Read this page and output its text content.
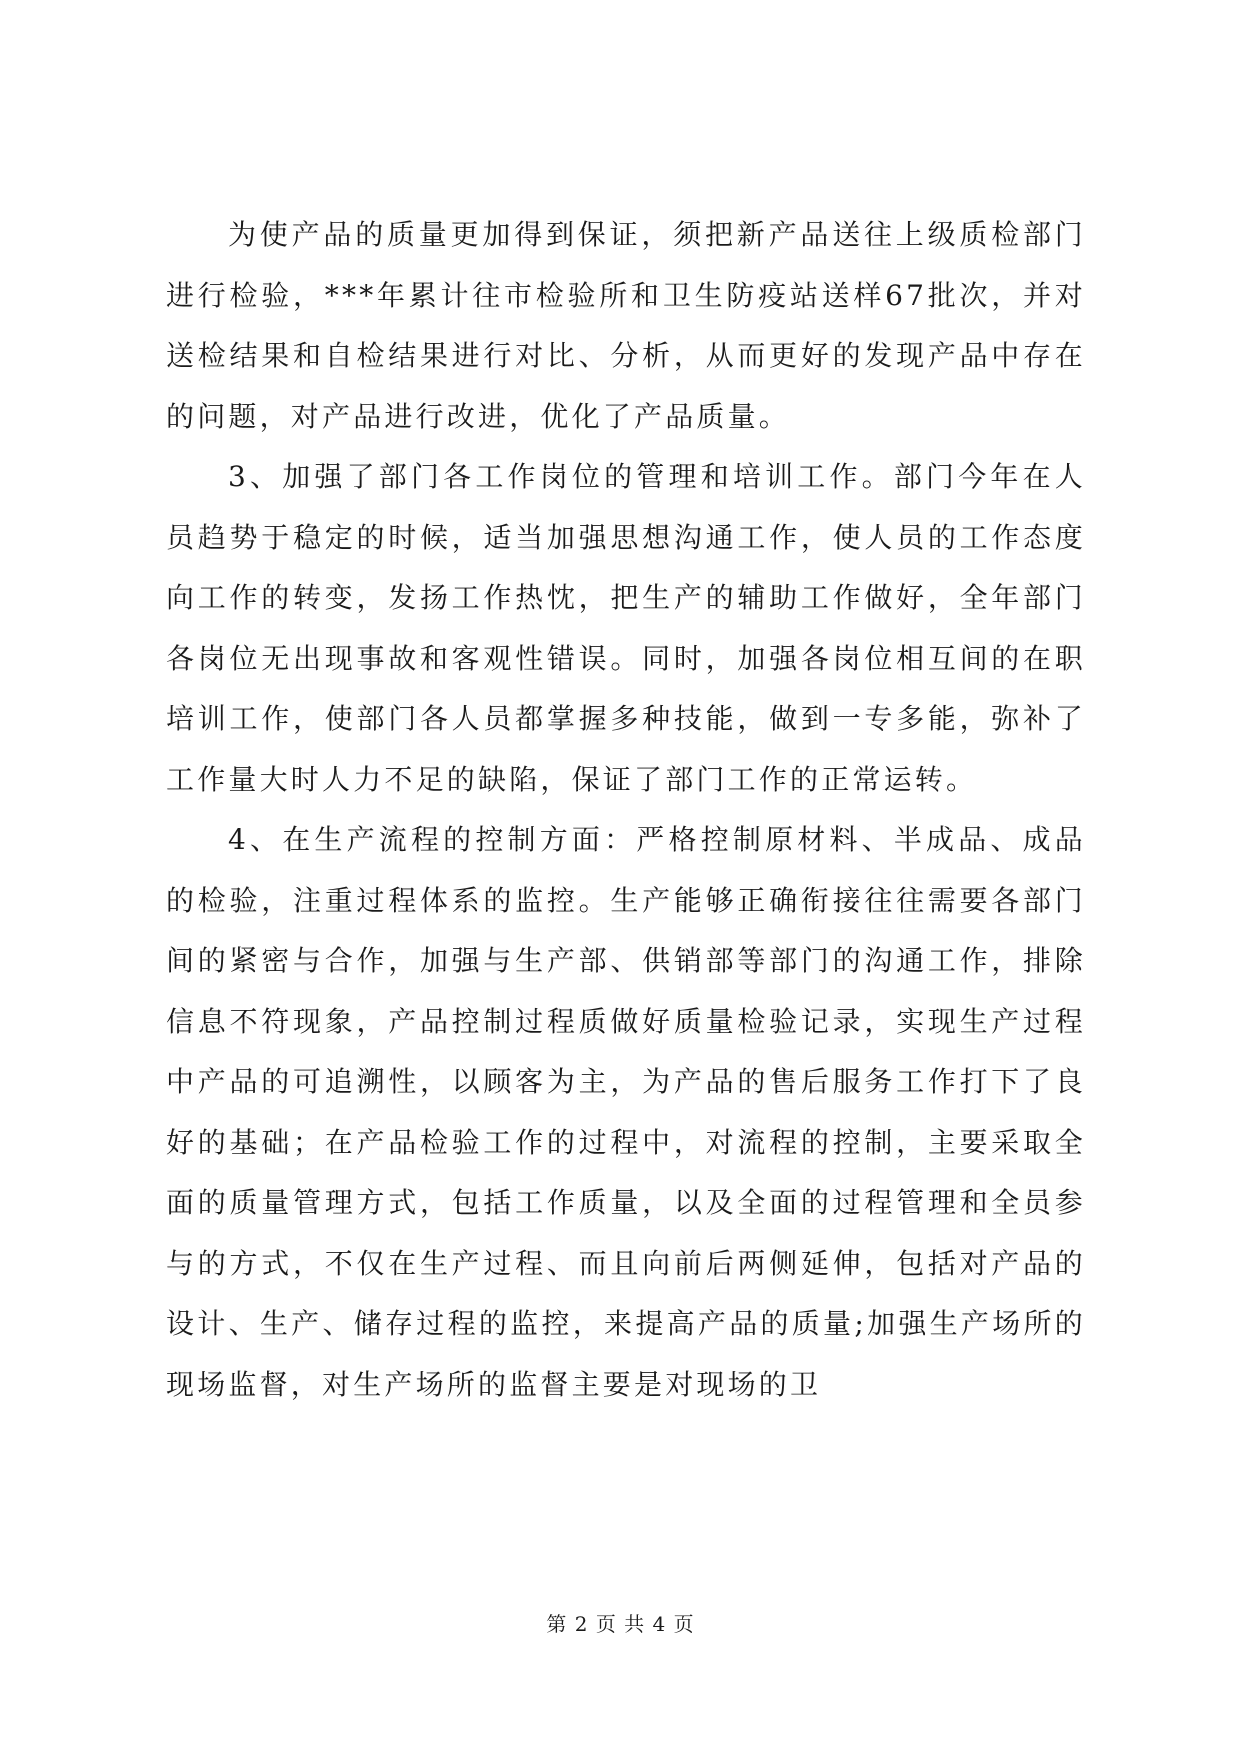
为使产品的质量更加得到保证，须把新产品送往上级质检部门进行检验，***年累计往市检验所和卫生防疫站送样67批次，并对送检结果和自检结果进行对比、分析，从而更好的发现产品中存在的问题，对产品进行改进，优化了产品质量。

3、加强了部门各工作岗位的管理和培训工作。部门今年在人员趋势于稳定的时候，适当加强思想沟通工作，使人员的工作态度向工作的转变，发扬工作热忱，把生产的辅助工作做好，全年部门各岗位无出现事故和客观性错误。同时，加强各岗位相互间的在职培训工作，使部门各人员都掌握多种技能，做到一专多能，弥补了工作量大时人力不足的缺陷，保证了部门工作的正常运转。

4、在生产流程的控制方面：严格控制原材料、半成品、成品的检验，注重过程体系的监控。生产能够正确衔接往往需要各部门间的紧密与合作，加强与生产部、供销部等部门的沟通工作，排除信息不符现象，产品控制过程质做好质量检验记录，实现生产过程中产品的可追溯性，以顾客为主，为产品的售后服务工作打下了良好的基础；在产品检验工作的过程中，对流程的控制，主要采取全面的质量管理方式，包括工作质量，以及全面的过程管理和全员参与的方式，不仅在生产过程、而且向前后两侧延伸，包括对产品的设计、生产、储存过程的监控，来提高产品的质量;加强生产场所的现场监督，对生产场所的监督主要是对现场的卫

第 2 页 共 4 页
